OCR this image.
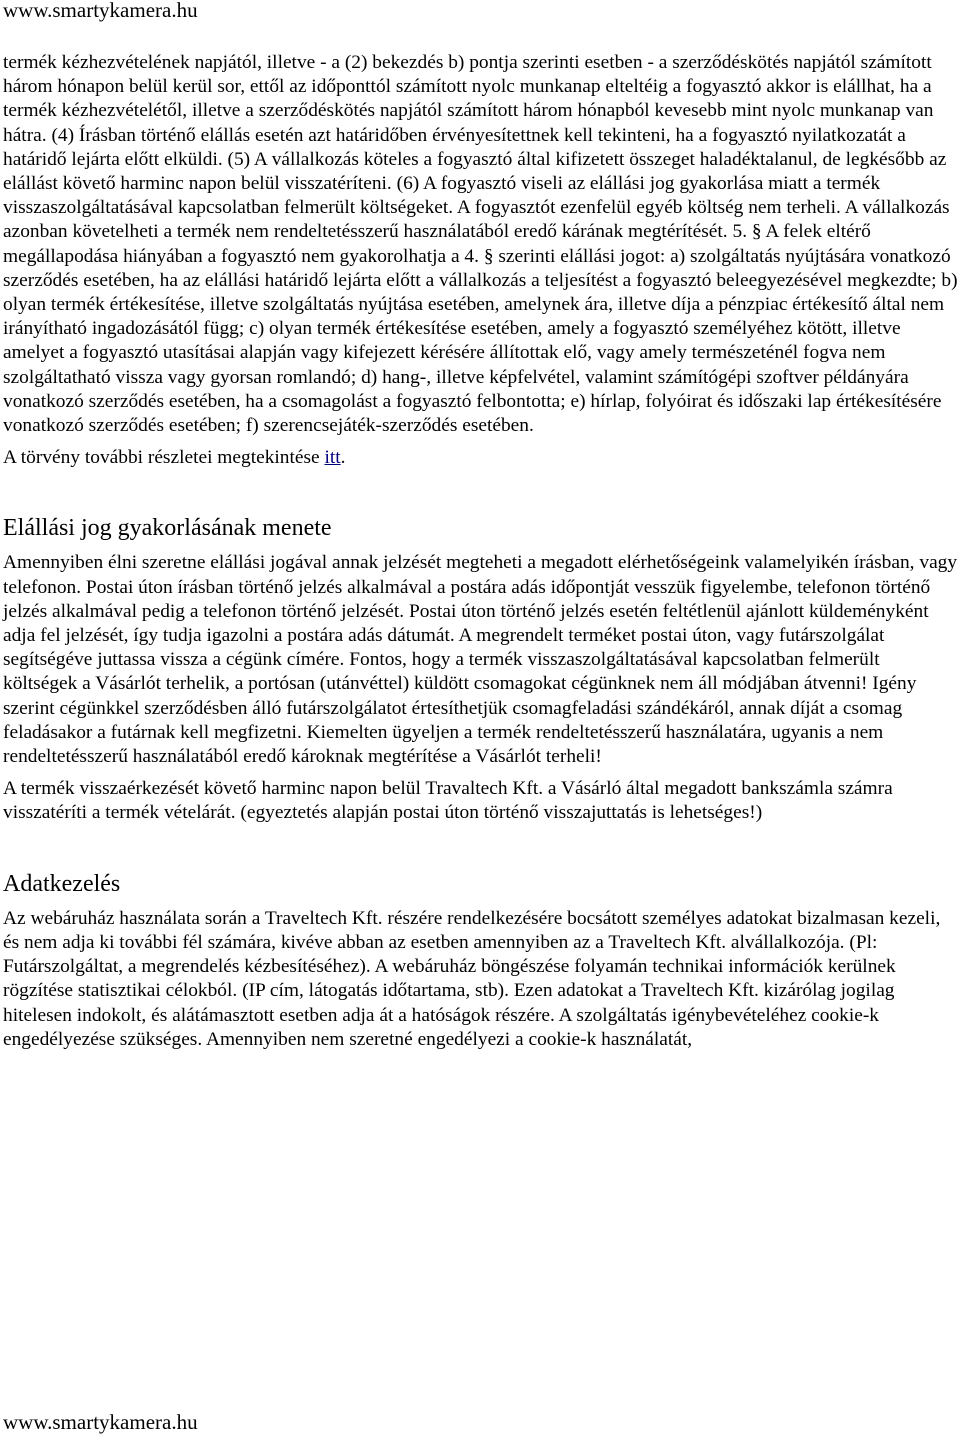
www.smartykamera.hu

termék kézhezvételének napjától, illetve - a (2) bekezdés b) pontja szerinti esetben - a szerződéskötés napjától számított három hónapon belül kerül sor, ettől az időponttól számított nyolc munkanap elteltéig a fogyasztó akkor is elállhat, ha a termék kézhezvételétől, illetve a szerződéskötés napjától számított három hónapból kevesebb mint nyolc munkanap van hátra. (4) Írásban történő elállás esetén azt határidőben érvényesítettnek kell tekinteni, ha a fogyasztó nyilatkozatát a határidő lejárta előtt elküldi. (5) A vállalkozás köteles a fogyasztó által kifizetett összeget haladéktalanul, de legkésőbb az elállást követő harminc napon belül visszatéríteni. (6) A fogyasztó viseli az elállási jog gyakorlása miatt a termék visszaszolgáltatásával kapcsolatban felmerült költségeket. A fogyasztót ezenfelül egyéb költség nem terheli. A vállalkozás azonban követelheti a termék nem rendeltetésszerű használatából eredő kárának megtérítését. 5. § A felek eltérő megállapodása hiányában a fogyasztó nem gyakorolhatja a 4. § szerinti elállási jogot: a) szolgáltatás nyújtására vonatkozó szerződés esetében, ha az elállási határidő lejárta előtt a vállalkozás a teljesítést a fogyasztó beleegyezésével megkezdte; b) olyan termék értékesítése, illetve szolgáltatás nyújtása esetében, amelynek ára, illetve díja a pénzpiac értékesítő által nem irányítható ingadozásától függ; c) olyan termék értékesítése esetében, amely a fogyasztó személyéhez kötött, illetve amelyet a fogyasztó utasításai alapján vagy kifejezett kérésére állítottak elő, vagy amely természeténél fogva nem szolgáltatható vissza vagy gyorsan romlandó; d) hang-, illetve képfelvétel, valamint számítógépi szoftver példányára vonatkozó szerződés esetében, ha a csomagolást a fogyasztó felbontotta; e) hírlap, folyóirat és időszaki lap értékesítésére vonatkozó szerződés esetében; f) szerencsejáték-szerződés esetében.

A törvény további részletei megtekintése itt.

Elállási jog gyakorlásának menete

Amennyiben élni szeretne elállási jogával annak jelzését megteheti a megadott elérhetőségeink valamelyikén írásban, vagy telefonon. Postai úton írásban történő jelzés alkalmával a postára adás időpontját vesszük figyelembe, telefonon történő jelzés alkalmával pedig a telefonon történő jelzését. Postai úton történő jelzés esetén feltétlenül ajánlott küldeményként adja fel jelzését, így tudja igazolni a postára adás dátumát. A megrendelt terméket postai úton, vagy futárszolgálat segítségéve juttassa vissza a cégünk címére. Fontos, hogy a termék visszaszolgáltatásával kapcsolatban felmerült költségek a Vásárlót terhelik, a portósan (utánvéttel) küldött csomagokat cégünknek nem áll módjában átvenni! Igény szerint cégünkkel szerződésben álló futárszolgálatot értesíthetjük csomagfeladási szándékáról, annak díját a csomag feladásakor a futárnak kell megfizetni. Kiemelten ügyeljen a termék rendeltetésszerű használatára, ugyanis a nem rendeltetésszerű használatából eredő károknak megtérítése a Vásárlót terheli!

A termék visszaérkezését követő harminc napon belül Travaltech Kft. a Vásárló által megadott bankszámla számra visszatéríti a termék vételárát. (egyeztetés alapján postai úton történő visszajuttatás is lehetséges!)

Adatkezelés

Az webáruház használata során a Traveltech Kft. részére rendelkezésére bocsátott személyes adatokat bizalmasan kezeli, és nem adja ki további fél számára, kivéve abban az esetben amennyiben az a Traveltech Kft. alvállalkozója. (Pl: Futárszolgáltat, a megrendelés kézbesítéséhez). A webáruház böngészése folyamán technikai információk kerülnek rögzítése statisztikai célokból. (IP cím, látogatás időtartama, stb). Ezen adatokat a Traveltech Kft. kizárólag jogilag hitelesen indokolt, és alátámasztott esetben adja át a hatóságok részére. A szolgáltatás igénybevételéhez cookie-k engedélyezése szükséges. Amennyiben nem szeretné engedélyezi a cookie-k használatát,

www.smartykamera.hu
